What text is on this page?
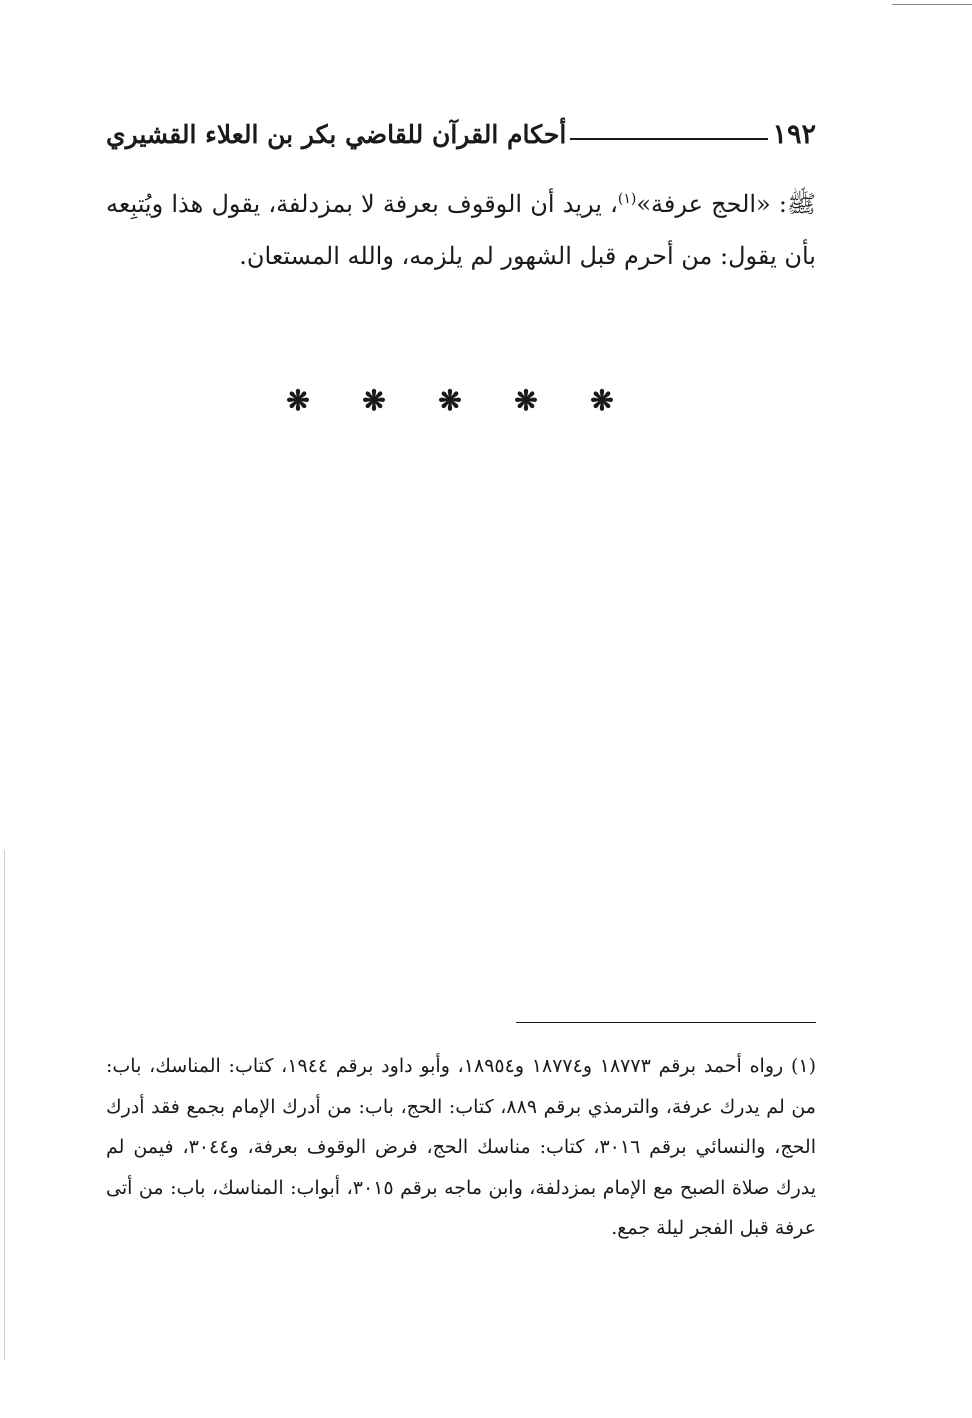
١٩٢
أحكام القرآن للقاضي بكر بن العلاء القشيري

ﷺ: «الحج عرفة»$^{(١)}$، يريد أن الوقوف بعرفة لا بمزدلفة، يقول هذا ويُتبِعه بأن يقول: من أحرم قبل الشهور لم يلزمه، والله المستعان.

❋
❋
❋
❋
❋

(١) رواه أحمد برقم ١٨٧٧٣ و١٨٧٧٤ و١٨٩٥٤، وأبو داود برقم ١٩٤٤، كتاب: المناسك، باب: من لم يدرك عرفة، والترمذي برقم ٨٨٩، كتاب: الحج، باب: من أدرك الإمام بجمع فقد أدرك الحج، والنسائي برقم ٣٠١٦، كتاب: مناسك الحج، فرض الوقوف بعرفة، و٣٠٤٤، فيمن لم يدرك صلاة الصبح مع الإمام بمزدلفة، وابن ماجه برقم ٣٠١٥، أبواب: المناسك، باب: من أتى عرفة قبل الفجر ليلة جمع.
